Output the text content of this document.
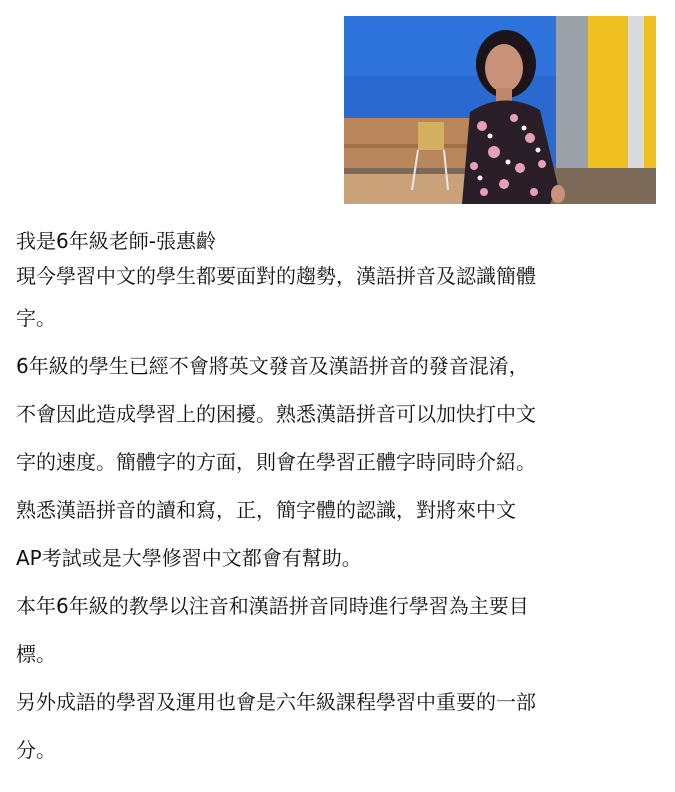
我是6年級老師-張惠齡
現今學習中文的學生都要面對的趨勢，漢語拼音及認識簡體
字。
6年級的學生已經不會將英文發音及漢語拼音的發音混淆，
不會因此造成學習上的困擾。熟悉漢語拼音可以加快打中文
字的速度。簡體字的方面，則會在學習正體字時同時介紹。
熟悉漢語拼音的讀和寫，正，簡字體的認識，對將來中文
AP考試或是大學修習中文都會有幫助。
本年6年級的教學以注音和漢語拼音同時進行學習為主要目
標。
另外成語的學習及運用也會是六年級課程學習中重要的一部
分。
